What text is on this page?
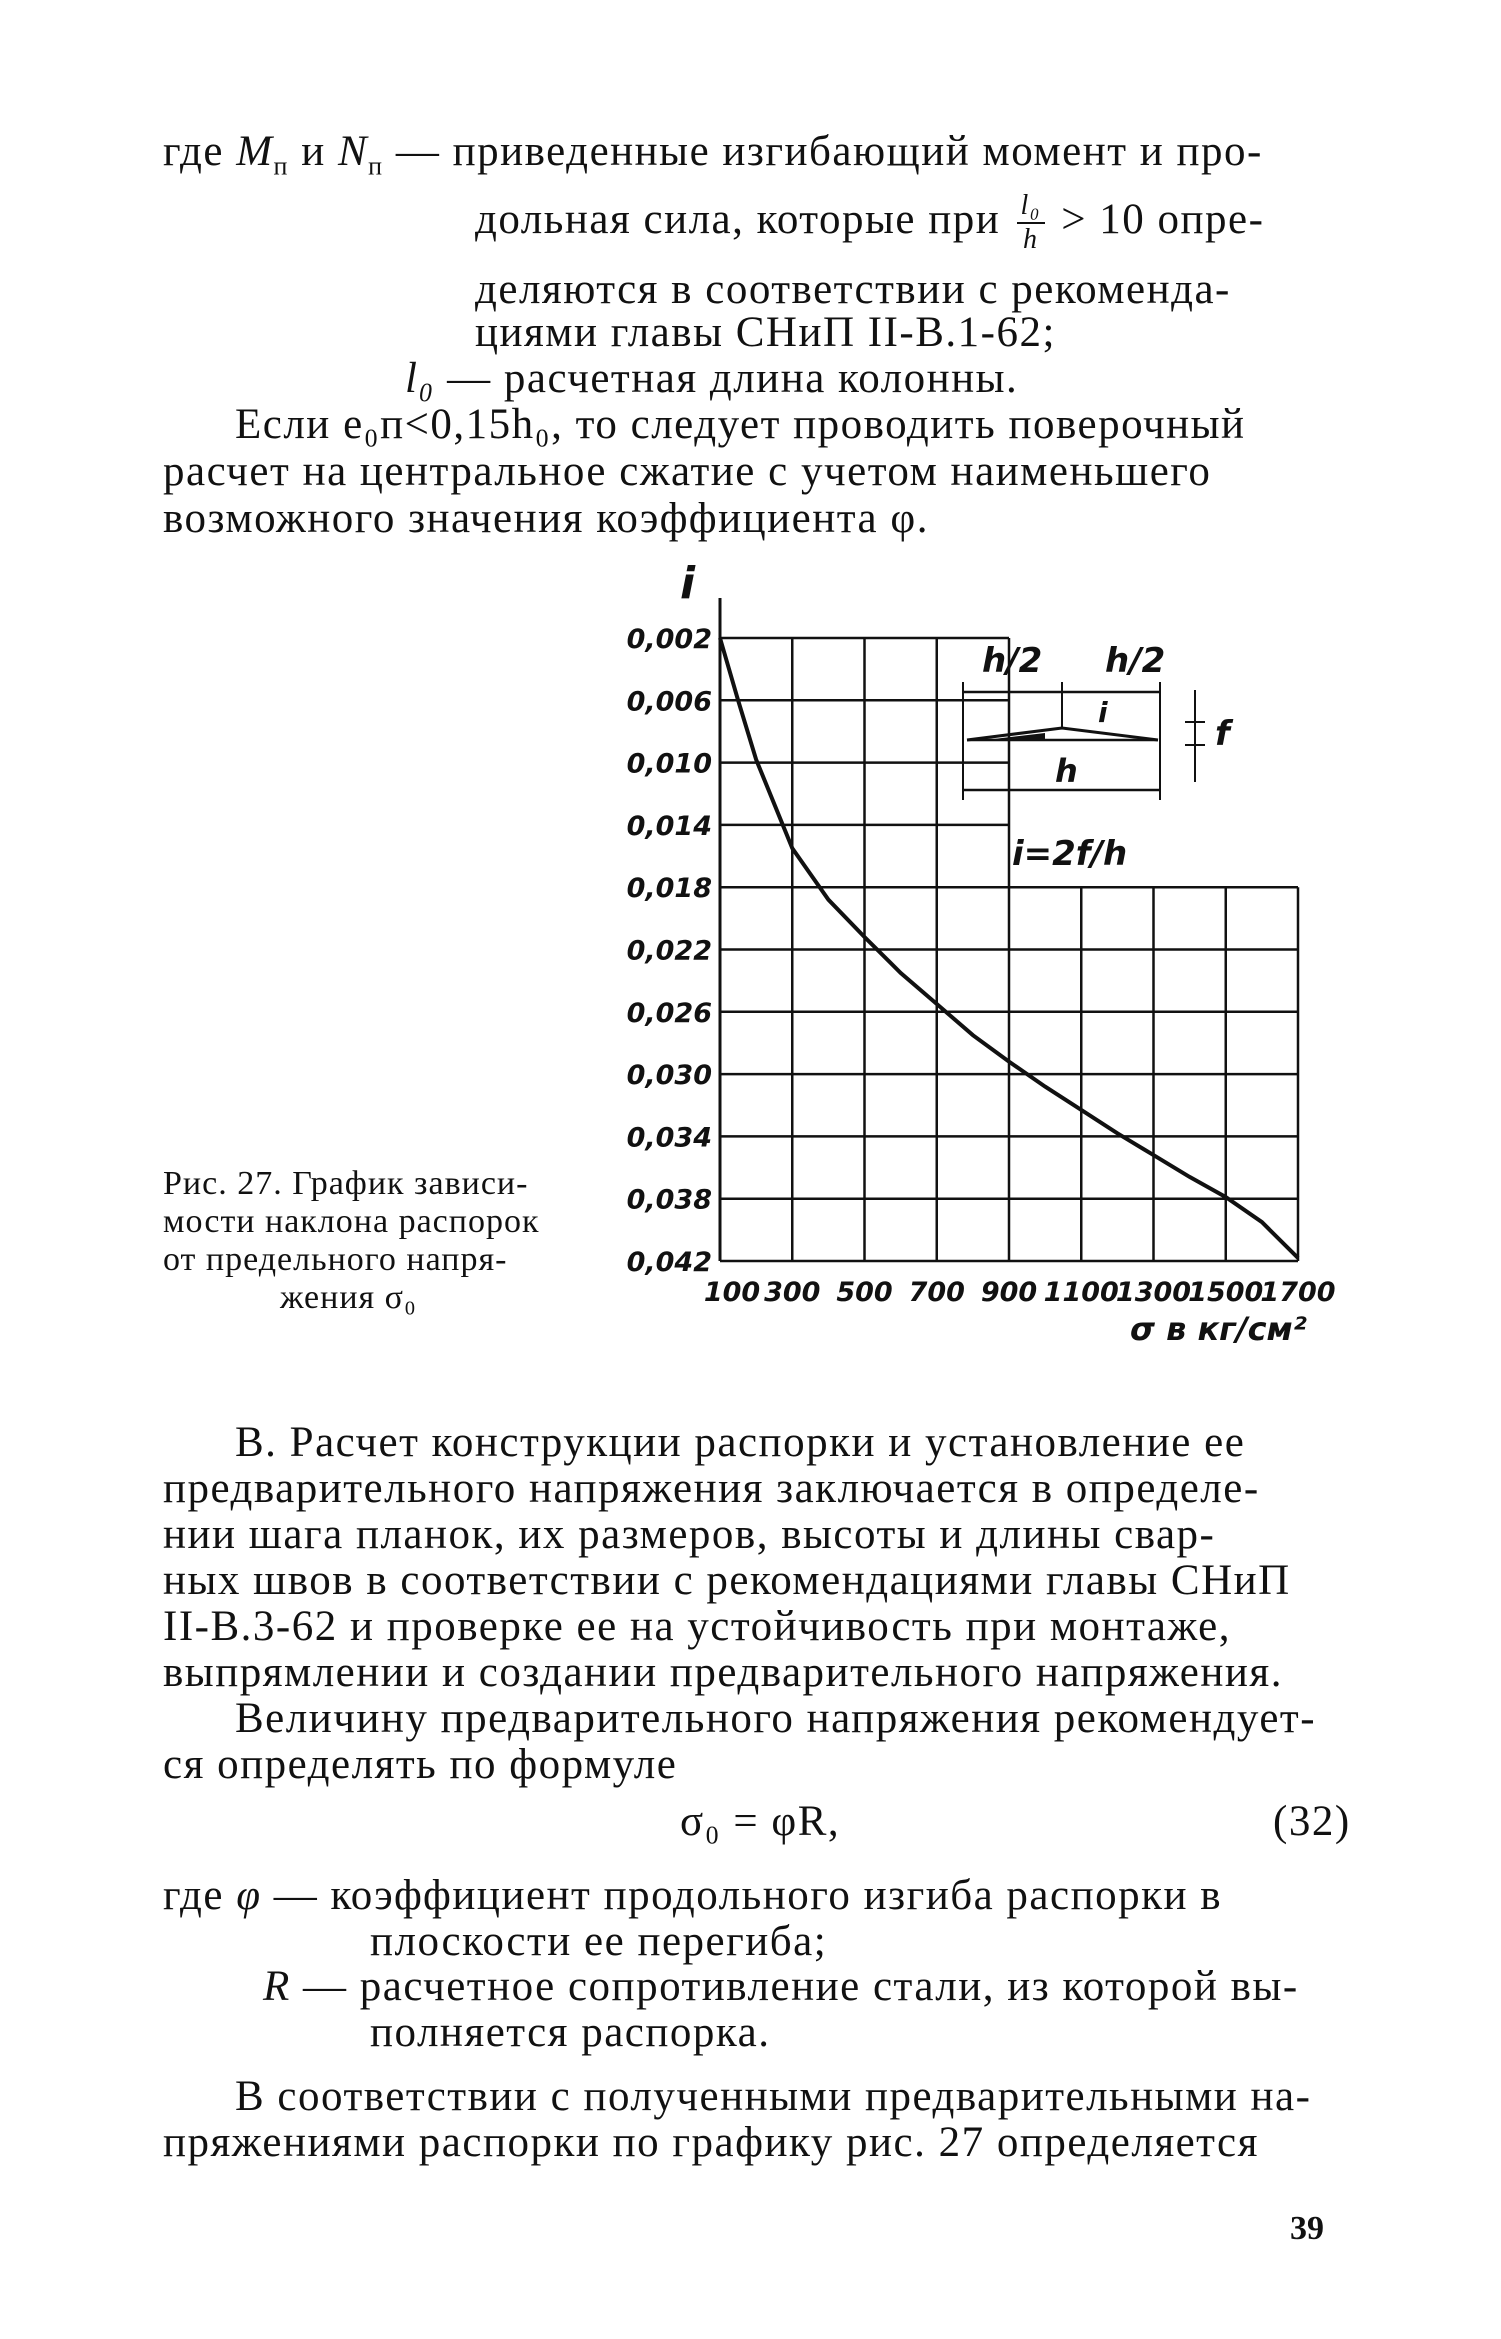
где $M_п$ и $N_п$ — приведенные изгибающий момент и про-
дольная сила, которые при $\frac{\text{l₀}}{h} > 10$ опре-
деляются в соответствии с рекоменда-
циями главы СНиП II-В.1-62;
l₀ — расчетная длина колонны.
Если e₀п<0,15h₀, то следует проводить поверочный
расчет на центральное сжатие с учетом наименьшего
возможного значения коэффициента φ.
Рис. 27. График зависи-
мости наклона распорок
от предельного напря-
жения σ₀
0,002
0,006
0,010
0,014
0,018
0,022
0,026
0,030
0,034
0,038
0,042
100 300 500 700 900 1100
1300
1500
1700
i
σ в кг/см²
h/2 h/2
i
f
h
i=2f/h
В. Расчет конструкции распорки и установление ее
предварительного напряжения заключается в определе-
нии шага планок, их размеров, высоты и длины свар-
ных швов в соответствии с рекомендациями главы СНиП
II-В.3-62 и проверке ее на устойчивость при монтаже,
выпрямлении и создании предварительного напряжения.
Величину предварительного напряжения рекомендует-
ся определять по формуле
σ₀ = φR,	(32)
где φ — коэффициент продольного изгиба распорки в
плоскости ее перегиба;
R — расчетное сопротивление стали, из которой вы-
полняется распорка.
В соответствии с полученными предварительными на-
пряжениями распорки по графику рис. 27 определяется
39
